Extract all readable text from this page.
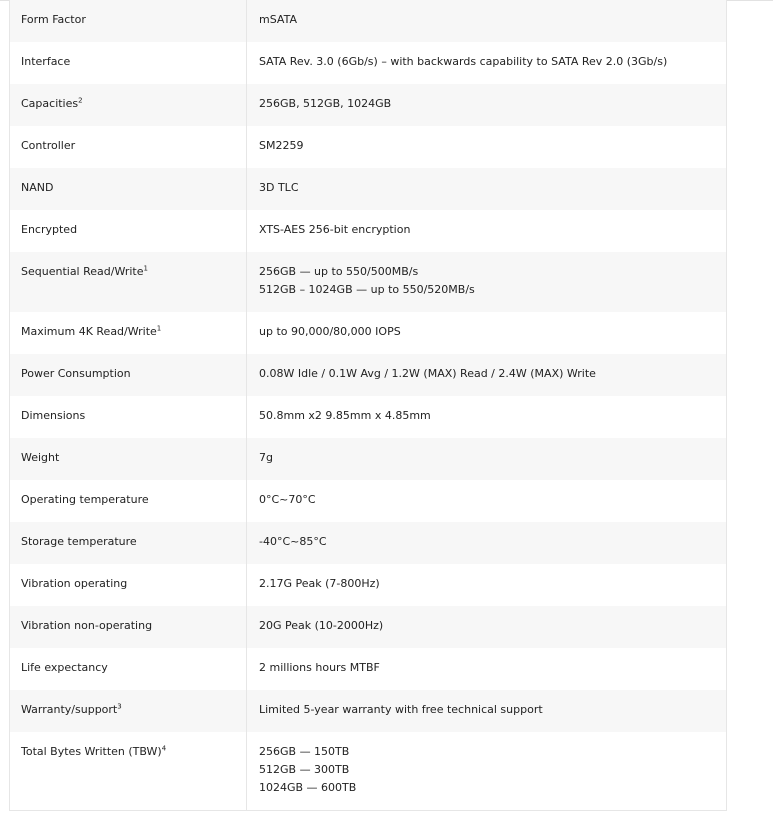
Form Factor	mSATA

Interface	SATA Rev. 3.0 (6Gb/s) – with backwards capability to SATA Rev 2.0 (3Gb/s)

Capacities$^2$	256GB, 512GB, 1024GB

Controller	SM2259

NAND	3D TLC

Encrypted	XTS-AES 256-bit encryption

Sequential Read/Write$^1$	256GB — up to 550/500MB/s
512GB – 1024GB — up to 550/520MB/s

Maximum 4K Read/Write$^1$	up to 90,000/80,000 IOPS

Power Consumption	0.08W Idle / 0.1W Avg / 1.2W (MAX) Read / 2.4W (MAX) Write

Dimensions	50.8mm x2 9.85mm x 4.85mm

Weight	7g

Operating temperature	0°C~70°C

Storage temperature	-40°C~85°C

Vibration operating	2.17G Peak (7-800Hz)

Vibration non-operating	20G Peak (10-2000Hz)

Life expectancy	2 millions hours MTBF

Warranty/support$^3$	Limited 5-year warranty with free technical support

Total Bytes Written (TBW)$^4$	256GB — 150TB
512GB — 300TB
1024GB — 600TB
